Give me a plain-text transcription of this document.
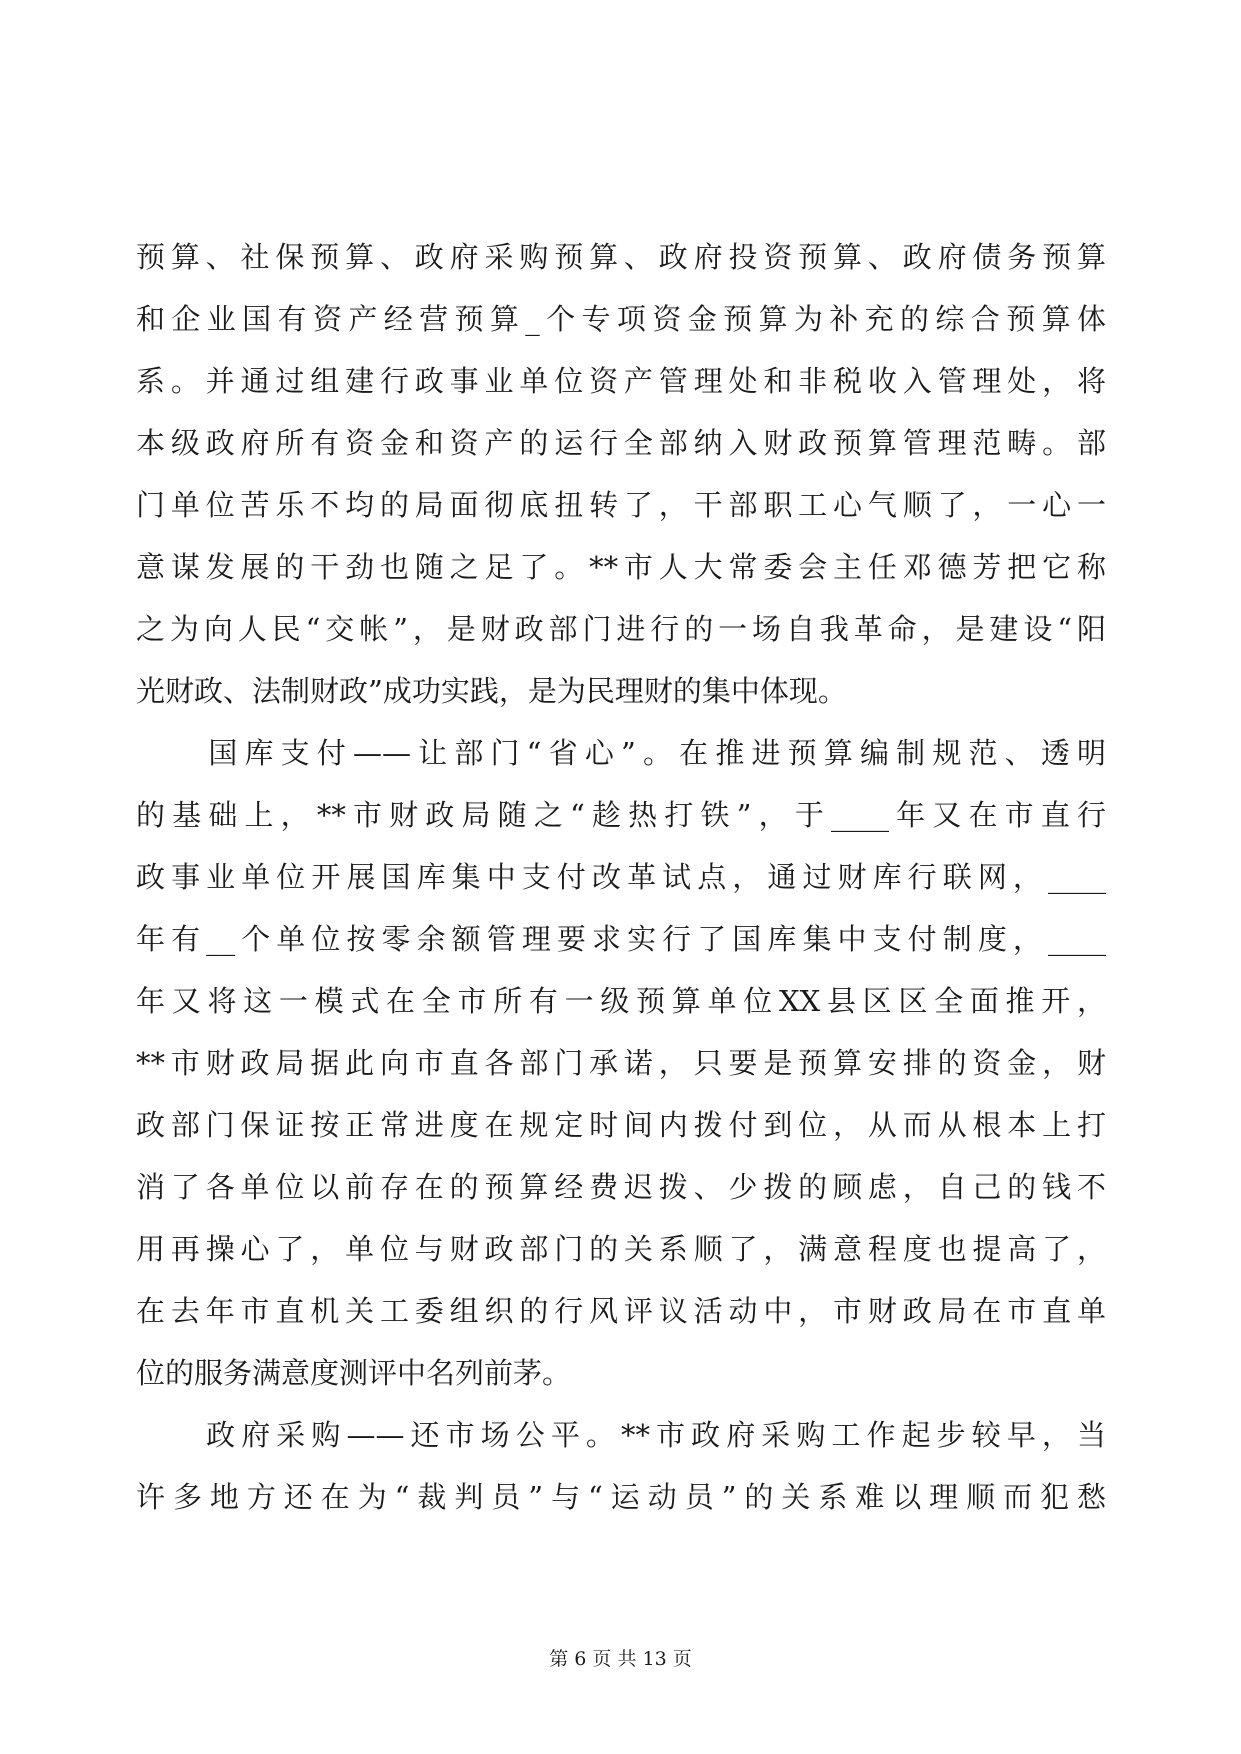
预算、社保预算、政府采购预算、政府投资预算、政府债务预算
和企业国有资产经营预算_个专项资金预算为补充的综合预算体
系。并通过组建行政事业单位资产管理处和非税收入管理处，将
本级政府所有资金和资产的运行全部纳入财政预算管理范畴。部
门单位苦乐不均的局面彻底扭转了，干部职工心气顺了，一心一
意谋发展的干劲也随之足了。**市人大常委会主任邓德芳把它称
之为向人民“交帐”，是财政部门进行的一场自我革命，是建设“阳
光财政、法制财政”成功实践，是为民理财的集中体现。
　　国库支付——让部门“省心”。在推进预算编制规范、透明
的基础上，**市财政局随之“趁热打铁”，于____年又在市直行
政事业单位开展国库集中支付改革试点，通过财库行联网，____
年有__个单位按零余额管理要求实行了国库集中支付制度，____
年又将这一模式在全市所有一级预算单位XX县区区全面推开，
**市财政局据此向市直各部门承诺，只要是预算安排的资金，财
政部门保证按正常进度在规定时间内拨付到位，从而从根本上打
消了各单位以前存在的预算经费迟拨、少拨的顾虑，自己的钱不
用再操心了，单位与财政部门的关系顺了，满意程度也提高了，
在去年市直机关工委组织的行风评议活动中，市财政局在市直单
位的服务满意度测评中名列前茅。
　　政府采购——还市场公平。**市政府采购工作起步较早，当
许多地方还在为“裁判员”与“运动员”的关系难以理顺而犯愁
第 6 页 共 13 页
